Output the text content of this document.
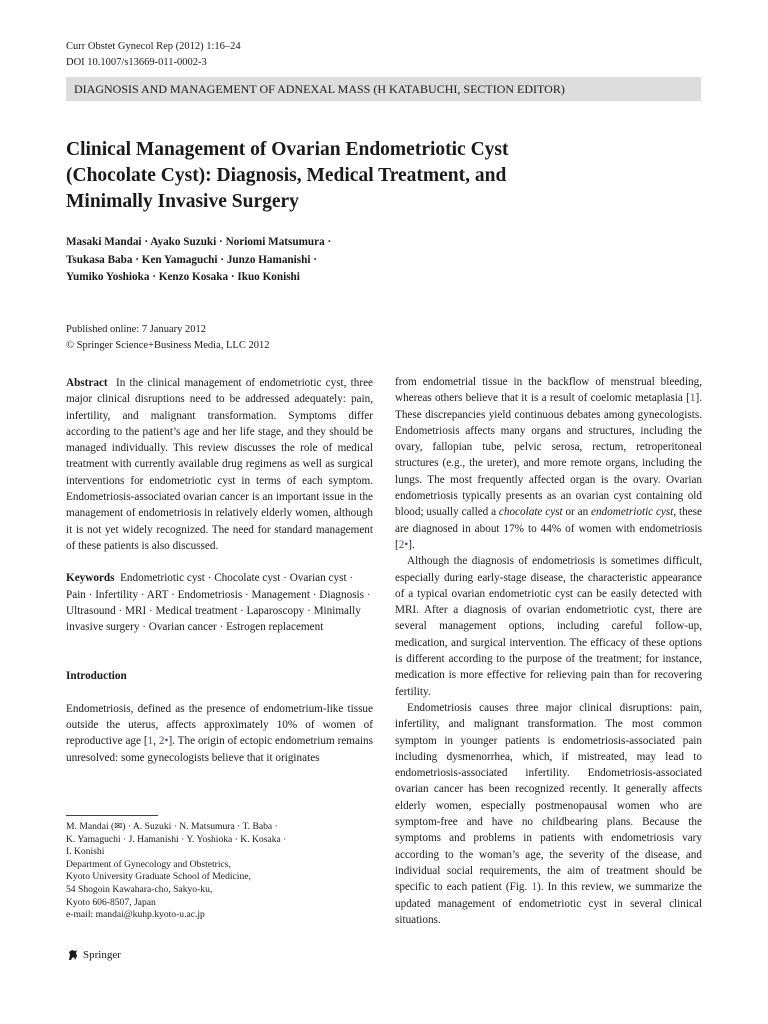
Curr Obstet Gynecol Rep (2012) 1:16–24
DOI 10.1007/s13669-011-0002-3
DIAGNOSIS AND MANAGEMENT OF ADNEXAL MASS (H KATABUCHI, SECTION EDITOR)
Clinical Management of Ovarian Endometriotic Cyst
(Chocolate Cyst): Diagnosis, Medical Treatment, and
Minimally Invasive Surgery
Masaki Mandai · Ayako Suzuki · Noriomi Matsumura ·
Tsukasa Baba · Ken Yamaguchi · Junzo Hamanishi ·
Yumiko Yoshioka · Kenzo Kosaka · Ikuo Konishi
Published online: 7 January 2012
© Springer Science+Business Media, LLC 2012

Abstract In the clinical management of endometriotic cyst, three major clinical disruptions need to be addressed adequately: pain, infertility, and malignant transformation. Symptoms differ according to the patient’s age and her life stage, and they should be managed individually. This review discusses the role of medical treatment with currently available drug regimens as well as surgical interventions for endometriotic cyst in terms of each symptom. Endometriosis-associated ovarian cancer is an important issue in the management of endometriosis in relatively elderly women, although it is not yet widely recognized. The need for standard management of these patients is also discussed.

Keywords Endometriotic cyst · Chocolate cyst · Ovarian cyst · Pain · Infertility · ART · Endometriosis · Management · Diagnosis · Ultrasound · MRI · Medical treatment · Laparoscopy · Minimally invasive surgery · Ovarian cancer · Estrogen replacement

Introduction

Endometriosis, defined as the presence of endometrium-like tissue outside the uterus, affects approximately 10% of women of reproductive age [1, 2•]. The origin of ectopic endometrium remains unresolved: some gynecologists believe that it originates

from endometrial tissue in the backflow of menstrual bleeding, whereas others believe that it is a result of coelomic metaplasia [1]. These discrepancies yield continuous debates among gynecologists. Endometriosis affects many organs and structures, including the ovary, fallopian tube, pelvic serosa, rectum, retroperitoneal structures (e.g., the ureter), and more remote organs, including the lungs. The most frequently affected organ is the ovary. Ovarian endometriosis typically presents as an ovarian cyst containing old blood; usually called a chocolate cyst or an endometriotic cyst, these are diagnosed in about 17% to 44% of women with endometriosis [2•].

Although the diagnosis of endometriosis is sometimes difficult, especially during early-stage disease, the characteristic appearance of a typical ovarian endometriotic cyst can be easily detected with MRI. After a diagnosis of ovarian endometriotic cyst, there are several management options, including careful follow-up, medication, and surgical intervention. The efficacy of these options is different according to the purpose of the treatment; for instance, medication is more effective for relieving pain than for recovering fertility.

Endometriosis causes three major clinical disruptions: pain, infertility, and malignant transformation. The most common symptom in younger patients is endometriosis-associated pain including dysmenorrhea, which, if mistreated, may lead to endometriosis-associated infertility. Endometriosis-associated ovarian cancer has been recognized recently. It generally affects elderly women, especially postmenopausal women who are symptom-free and have no childbearing plans. Because the symptoms and problems in patients with endometriosis vary according to the woman’s age, the severity of the disease, and individual social requirements, the aim of treatment should be specific to each patient (Fig. 1). In this review, we summarize the updated management of endometriotic cyst in several clinical situations.

M. Mandai (✉) · A. Suzuki · N. Matsumura · T. Baba ·
K. Yamaguchi · J. Hamanishi · Y. Yoshioka · K. Kosaka ·
I. Konishi
Department of Gynecology and Obstetrics,
Kyoto University Graduate School of Medicine,
54 Shogoin Kawahara-cho, Sakyo-ku,
Kyoto 606-8507, Japan
e-mail: mandai@kuhp.kyoto-u.ac.jp
Springer
